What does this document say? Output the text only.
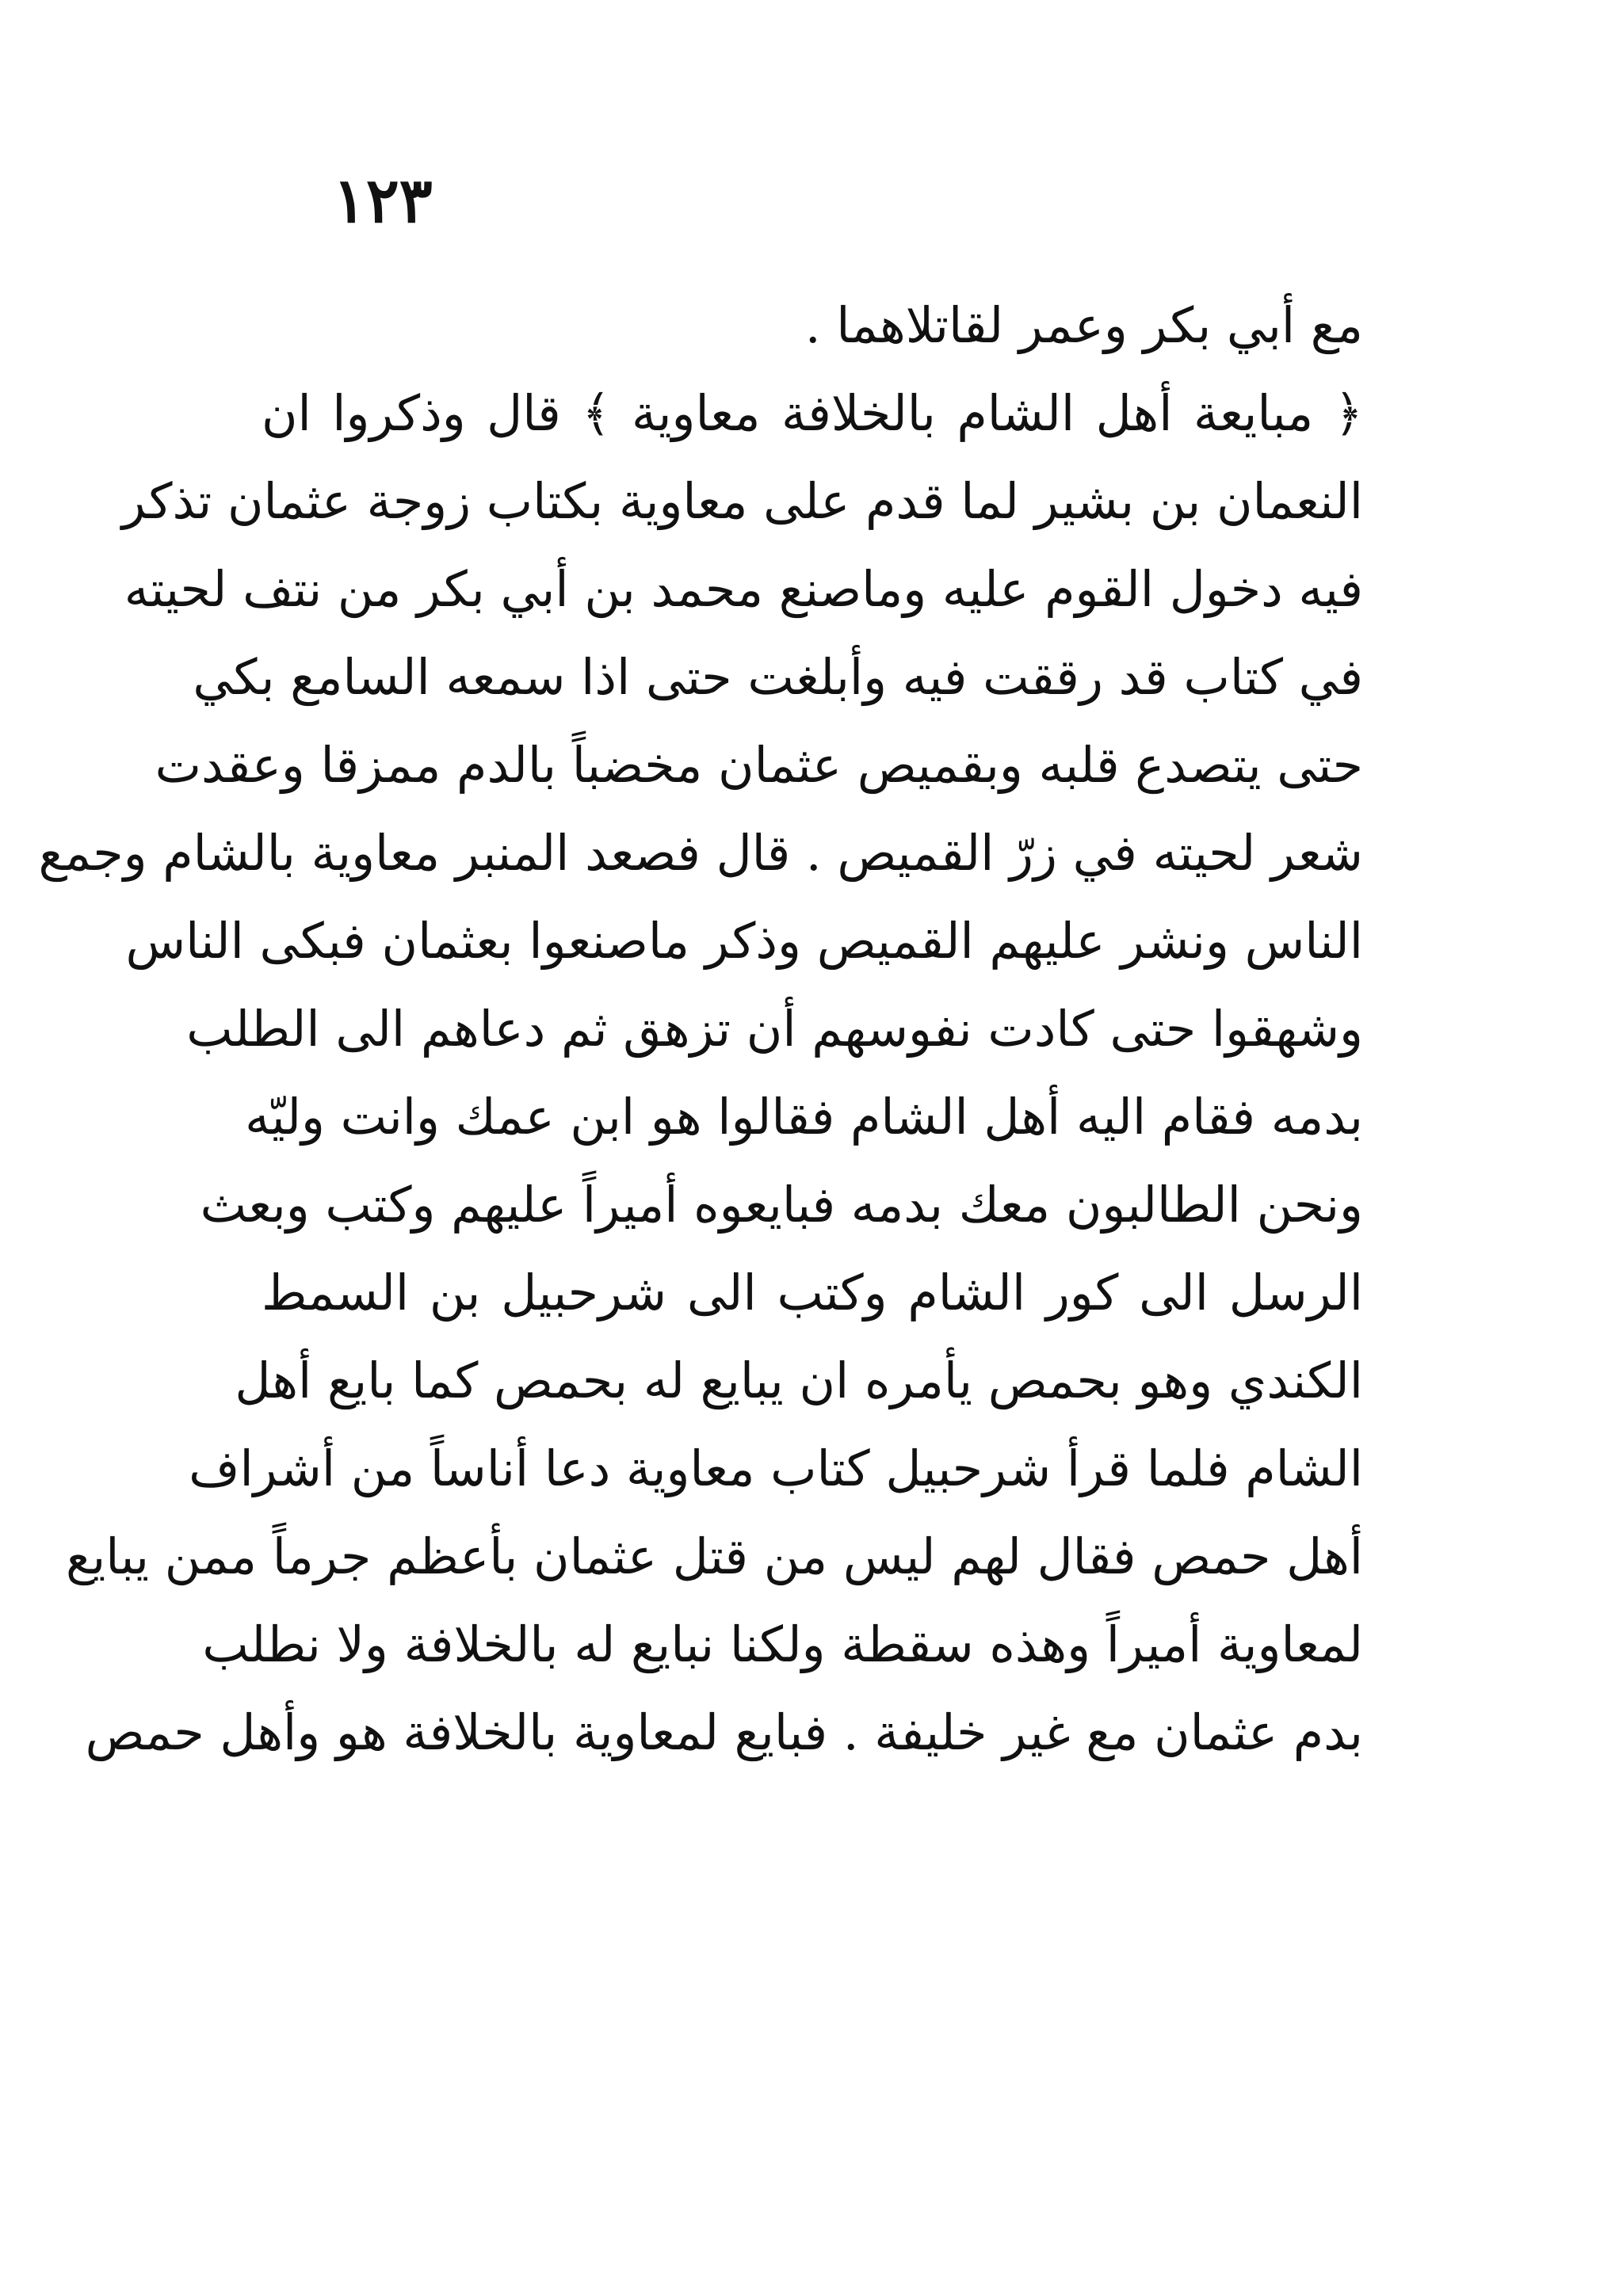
١٢٣
مع أبي بكر وعمر لقاتلاهما .
﴿ مبايعة أهل الشام بالخلافة معاوية ﴾ قال وذكروا ان
النعمان بن بشير لما قدم على معاوية بكتاب زوجة عثمان تذكر
فيه دخول القوم عليه وماصنع محمد بن أبي بكر من نتف لحيته
في كتاب قد رققت فيه وأبلغت حتى اذا سمعه السامع بكي
حتى يتصدع قلبه وبقميص عثمان مخضباً بالدم ممزقا وعقدت
شعر لحيته في زرّ القميص . قال فصعد المنبر معاوية بالشام وجمع
الناس ونشر عليهم القميص وذكر ماصنعوا بعثمان فبكى الناس
وشهقوا حتى كادت نفوسهم أن تزهق ثم دعاهم الى الطلب
بدمه فقام اليه أهل الشام فقالوا هو ابن عمك وانت وليّه
ونحن الطالبون معك بدمه فبايعوه أميراً عليهم وكتب وبعث
الرسل الى كور الشام وكتب الى شرحبيل بن السمط
الكندي وهو بحمص يأمره ان يبايع له بحمص كما بايع أهل
الشام فلما قرأ شرحبيل كتاب معاوية دعا أناساً من أشراف
أهل حمص فقال لهم ليس من قتل عثمان بأعظم جرماً ممن يبايع
لمعاوية أميراً وهذه سقطة ولكنا نبايع له بالخلافة ولا نطلب
بدم عثمان مع غير خليفة . فبايع لمعاوية بالخلافة هو وأهل حمص
